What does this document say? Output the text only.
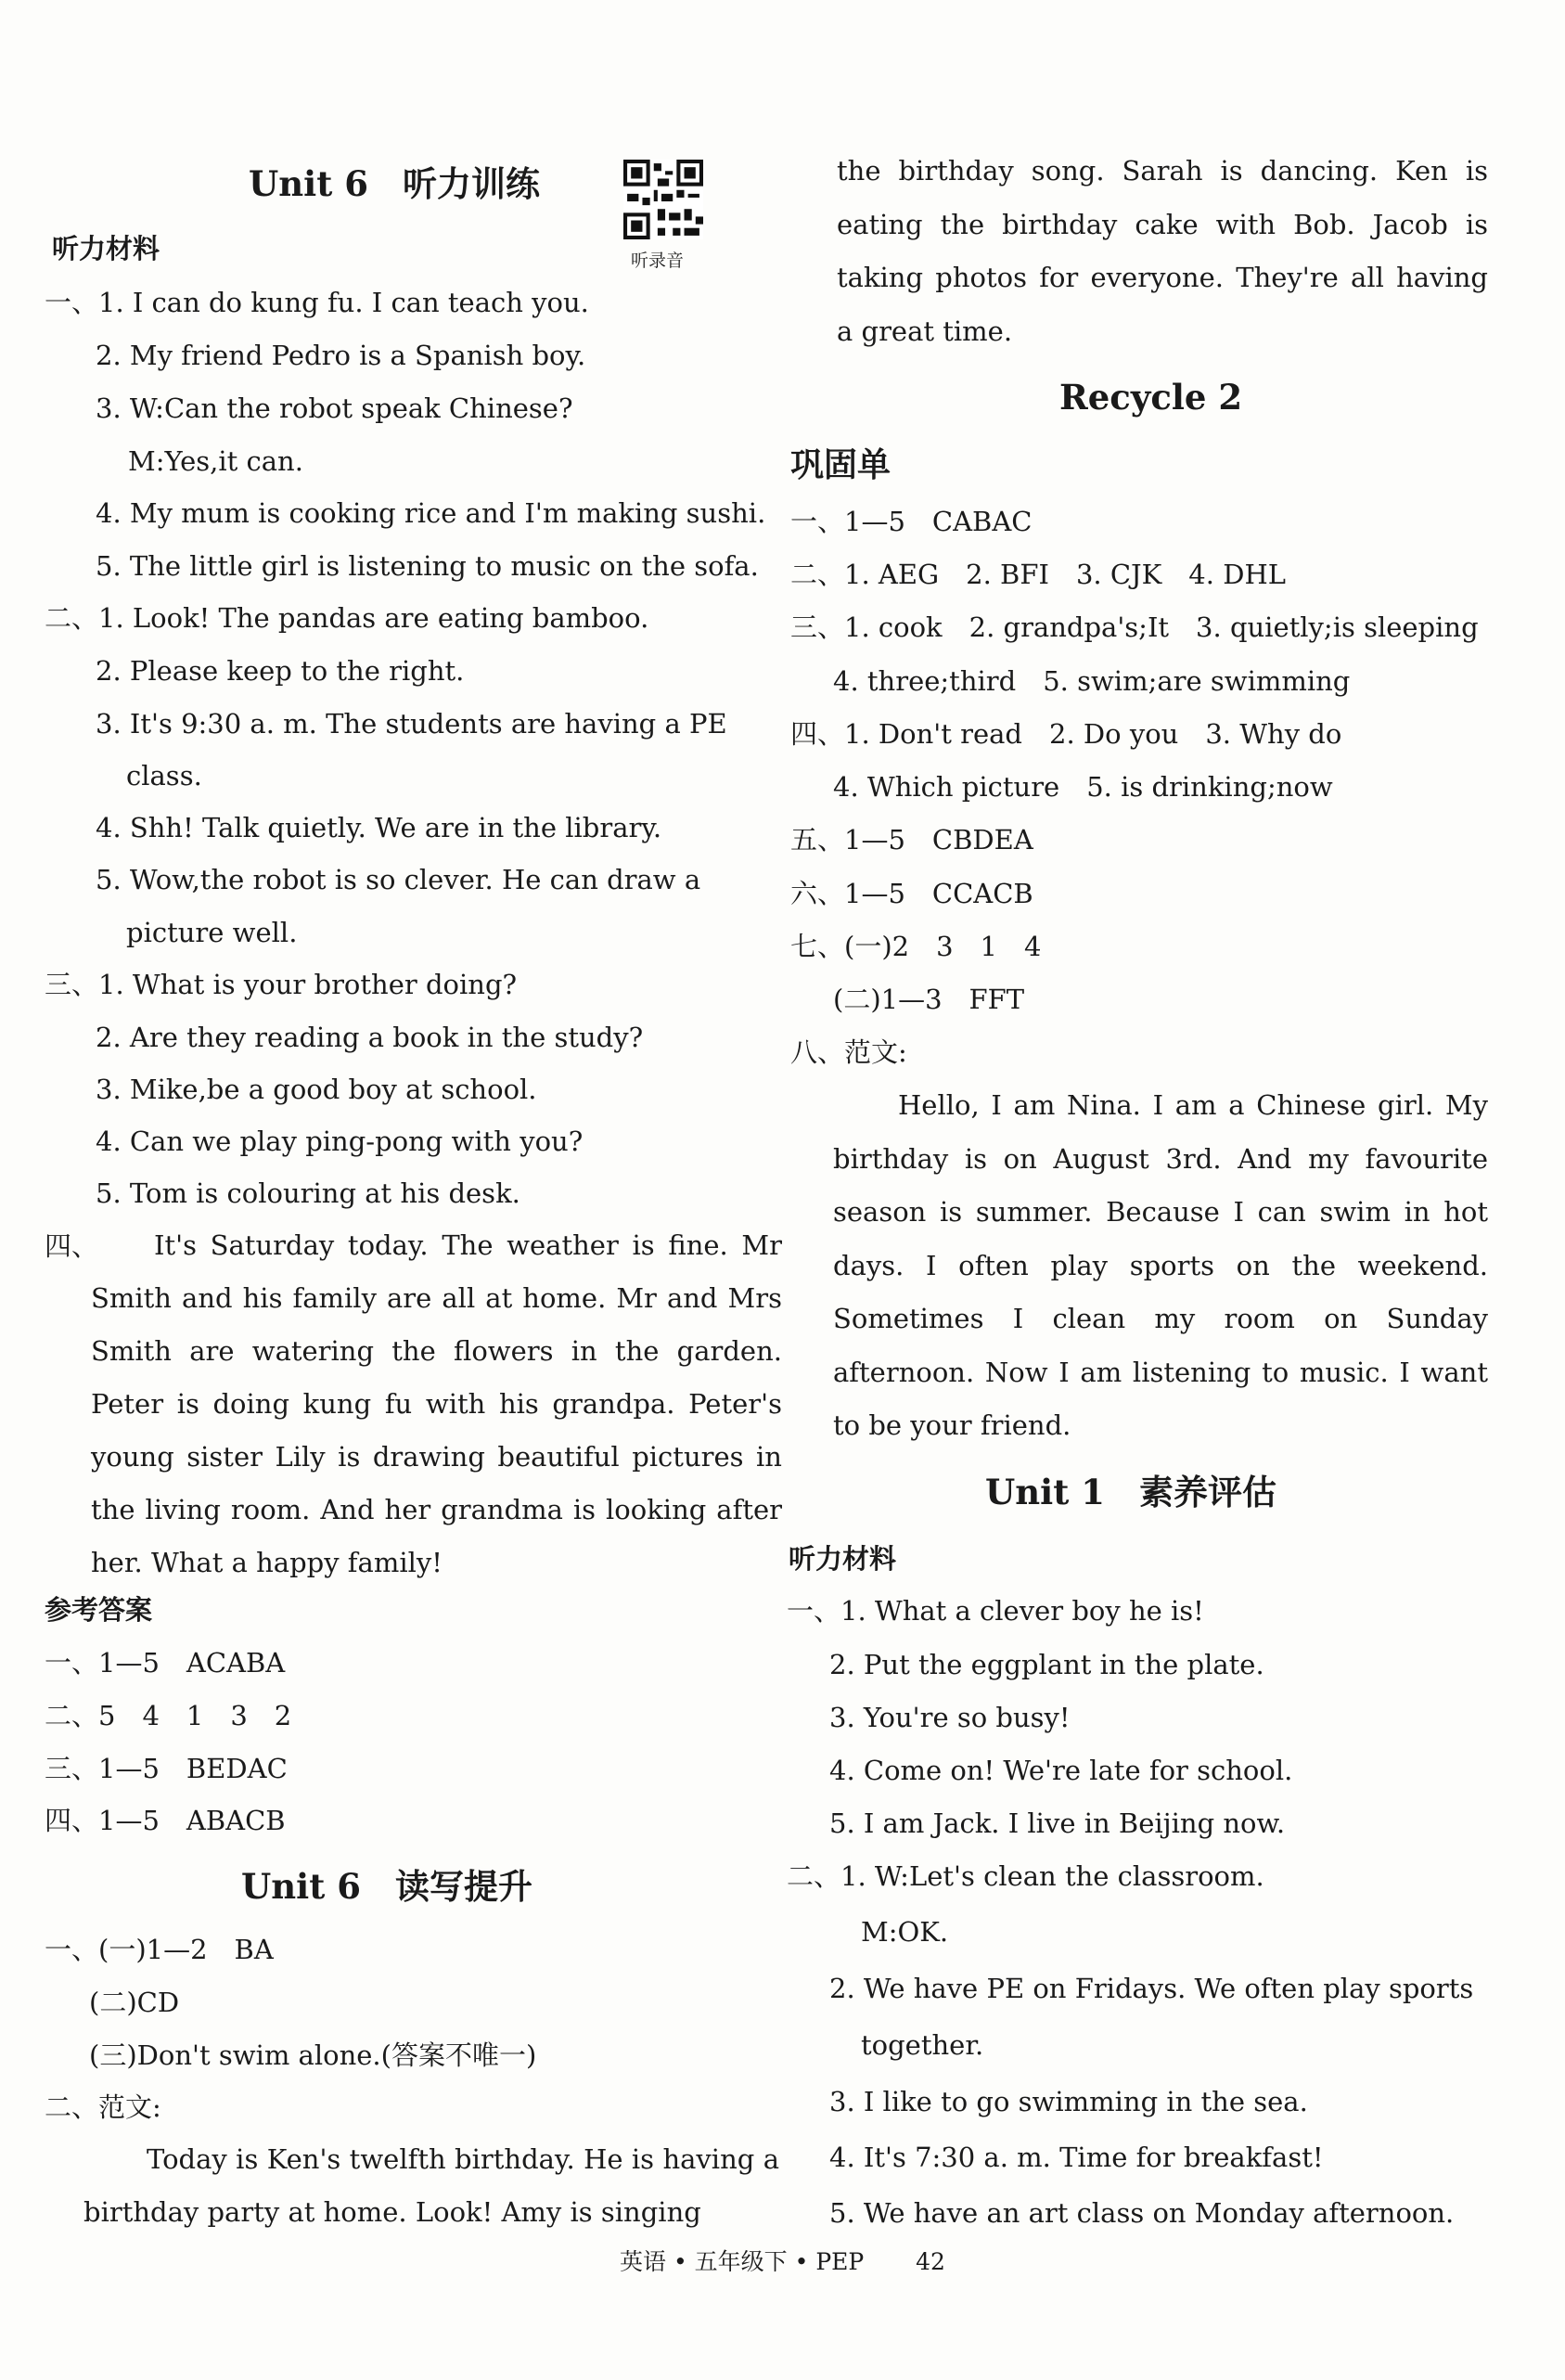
Unit 6　听力训练
听录音
听力材料
一、1. I can do kung fu. I can teach you.
2. My friend Pedro is a Spanish boy.
3. W:Can the robot speak Chinese?
M:Yes,it can.
4. My mum is cooking rice and I'm making sushi.
5. The little girl is listening to music on the sofa.
二、1. Look! The pandas are eating bamboo.
2. Please keep to the right.
3. It's 9:30 a. m. The students are having a PE
class.
4. Shh! Talk quietly. We are in the library.
5. Wow,the robot is so clever. He can draw a
picture well.
三、1. What is your brother doing?
2. Are they reading a book in the study?
3. Mike,be a good boy at school.
4. Can we play ping-pong with you?
5. Tom is colouring at his desk.
四、	It's Saturday today. The weather is fine. Mr Smith and his family are all at home. Mr and Mrs Smith are watering the flowers in the garden. Peter is doing kung fu with his grandpa. Peter's young sister Lily is drawing beautiful pictures in the living room. And her grandma is looking after her. What a happy family!
参考答案
一、1—5　ACABA
二、5　4　1　3　2
三、1—5　BEDAC
四、1—5　ABACB
Unit 6　读写提升
一、(一)1—2　BA
(二)CD
(三)Don't swim alone.(答案不唯一)
二、范文:
Today is Ken's twelfth birthday. He is having a birthday party at home. Look! Amy is singing
the birthday song. Sarah is dancing. Ken is eating the birthday cake with Bob. Jacob is taking photos for everyone. They're all having a great time.
Recycle 2
巩固单
一、1—5　CABAC
二、1. AEG　2. BFI　3. CJK　4. DHL
三、1. cook　2. grandpa's;It　3. quietly;is sleeping
4. three;third　5. swim;are swimming
四、1. Don't read　2. Do you　3. Why do
4. Which picture　5. is drinking;now
五、1—5　CBDEA
六、1—5　CCACB
七、(一)2　3　1　4
(二)1—3　FFT
八、范文:
Hello, I am Nina. I am a Chinese girl. My birthday is on August 3rd. And my favourite season is summer. Because I can swim in hot days. I often play sports on the weekend. Sometimes I clean my room on Sunday afternoon. Now I am listening to music. I want to be your friend.
Unit 1　素养评估
听力材料
一、1. What a clever boy he is!
2. Put the eggplant in the plate.
3. You're so busy!
4. Come on! We're late for school.
5. I am Jack. I live in Beijing now.
二、1. W:Let's clean the classroom.
M:OK.
2. We have PE on Fridays. We often play sports
together.
3. I like to go swimming in the sea.
4. It's 7:30 a. m. Time for breakfast!
5. We have an art class on Monday afternoon.
英语 • 五年级下 • PEP 42
